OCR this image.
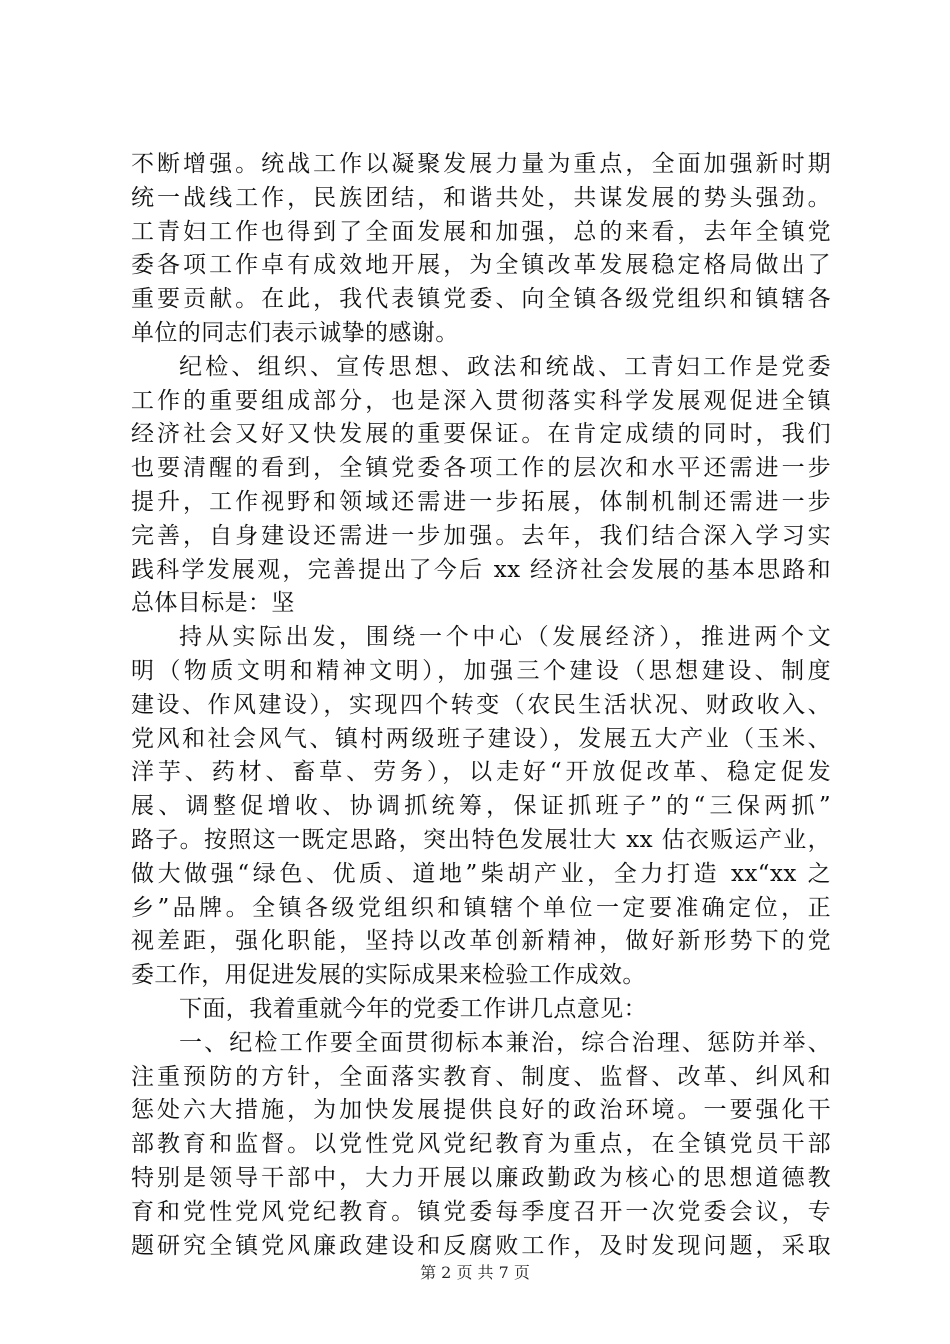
不断增强。统战工作以凝聚发展力量为重点，全面加强新时期
统一战线工作，民族团结，和谐共处，共谋发展的势头强劲。
工青妇工作也得到了全面发展和加强，总的来看，去年全镇党
委各项工作卓有成效地开展，为全镇改革发展稳定格局做出了
重要贡献。在此，我代表镇党委、向全镇各级党组织和镇辖各
单位的同志们表示诚挚的感谢。
纪检、组织、宣传思想、政法和统战、工青妇工作是党委
工作的重要组成部分，也是深入贯彻落实科学发展观促进全镇
经济社会又好又快发展的重要保证。在肯定成绩的同时，我们
也要清醒的看到，全镇党委各项工作的层次和水平还需进一步
提升，工作视野和领域还需进一步拓展，体制机制还需进一步
完善，自身建设还需进一步加强。去年，我们结合深入学习实
践科学发展观，完善提出了今后 xx 经济社会发展的基本思路和
总体目标是：坚
持从实际出发，围绕一个中心（发展经济），推进两个文
明（物质文明和精神文明），加强三个建设（思想建设、制度
建设、作风建设），实现四个转变（农民生活状况、财政收入、
党风和社会风气、镇村两级班子建设），发展五大产业（玉米、
洋芋、药材、畜草、劳务），以走好“开放促改革、稳定促发
展、调整促增收、协调抓统筹，保证抓班子”的“三保两抓”
路子。按照这一既定思路，突出特色发展壮大 xx 估衣贩运产业，
做大做强“绿色、优质、道地”柴胡产业，全力打造 xx“xx 之
乡”品牌。全镇各级党组织和镇辖个单位一定要准确定位，正
视差距，强化职能，坚持以改革创新精神，做好新形势下的党
委工作，用促进发展的实际成果来检验工作成效。
下面，我着重就今年的党委工作讲几点意见：
一、纪检工作要全面贯彻标本兼治，综合治理、惩防并举、
注重预防的方针，全面落实教育、制度、监督、改革、纠风和
惩处六大措施，为加快发展提供良好的政治环境。一要强化干
部教育和监督。以党性党风党纪教育为重点，在全镇党员干部
特别是领导干部中，大力开展以廉政勤政为核心的思想道德教
育和党性党风党纪教育。镇党委每季度召开一次党委会议，专
题研究全镇党风廉政建设和反腐败工作，及时发现问题，采取
第 2 页 共 7 页
